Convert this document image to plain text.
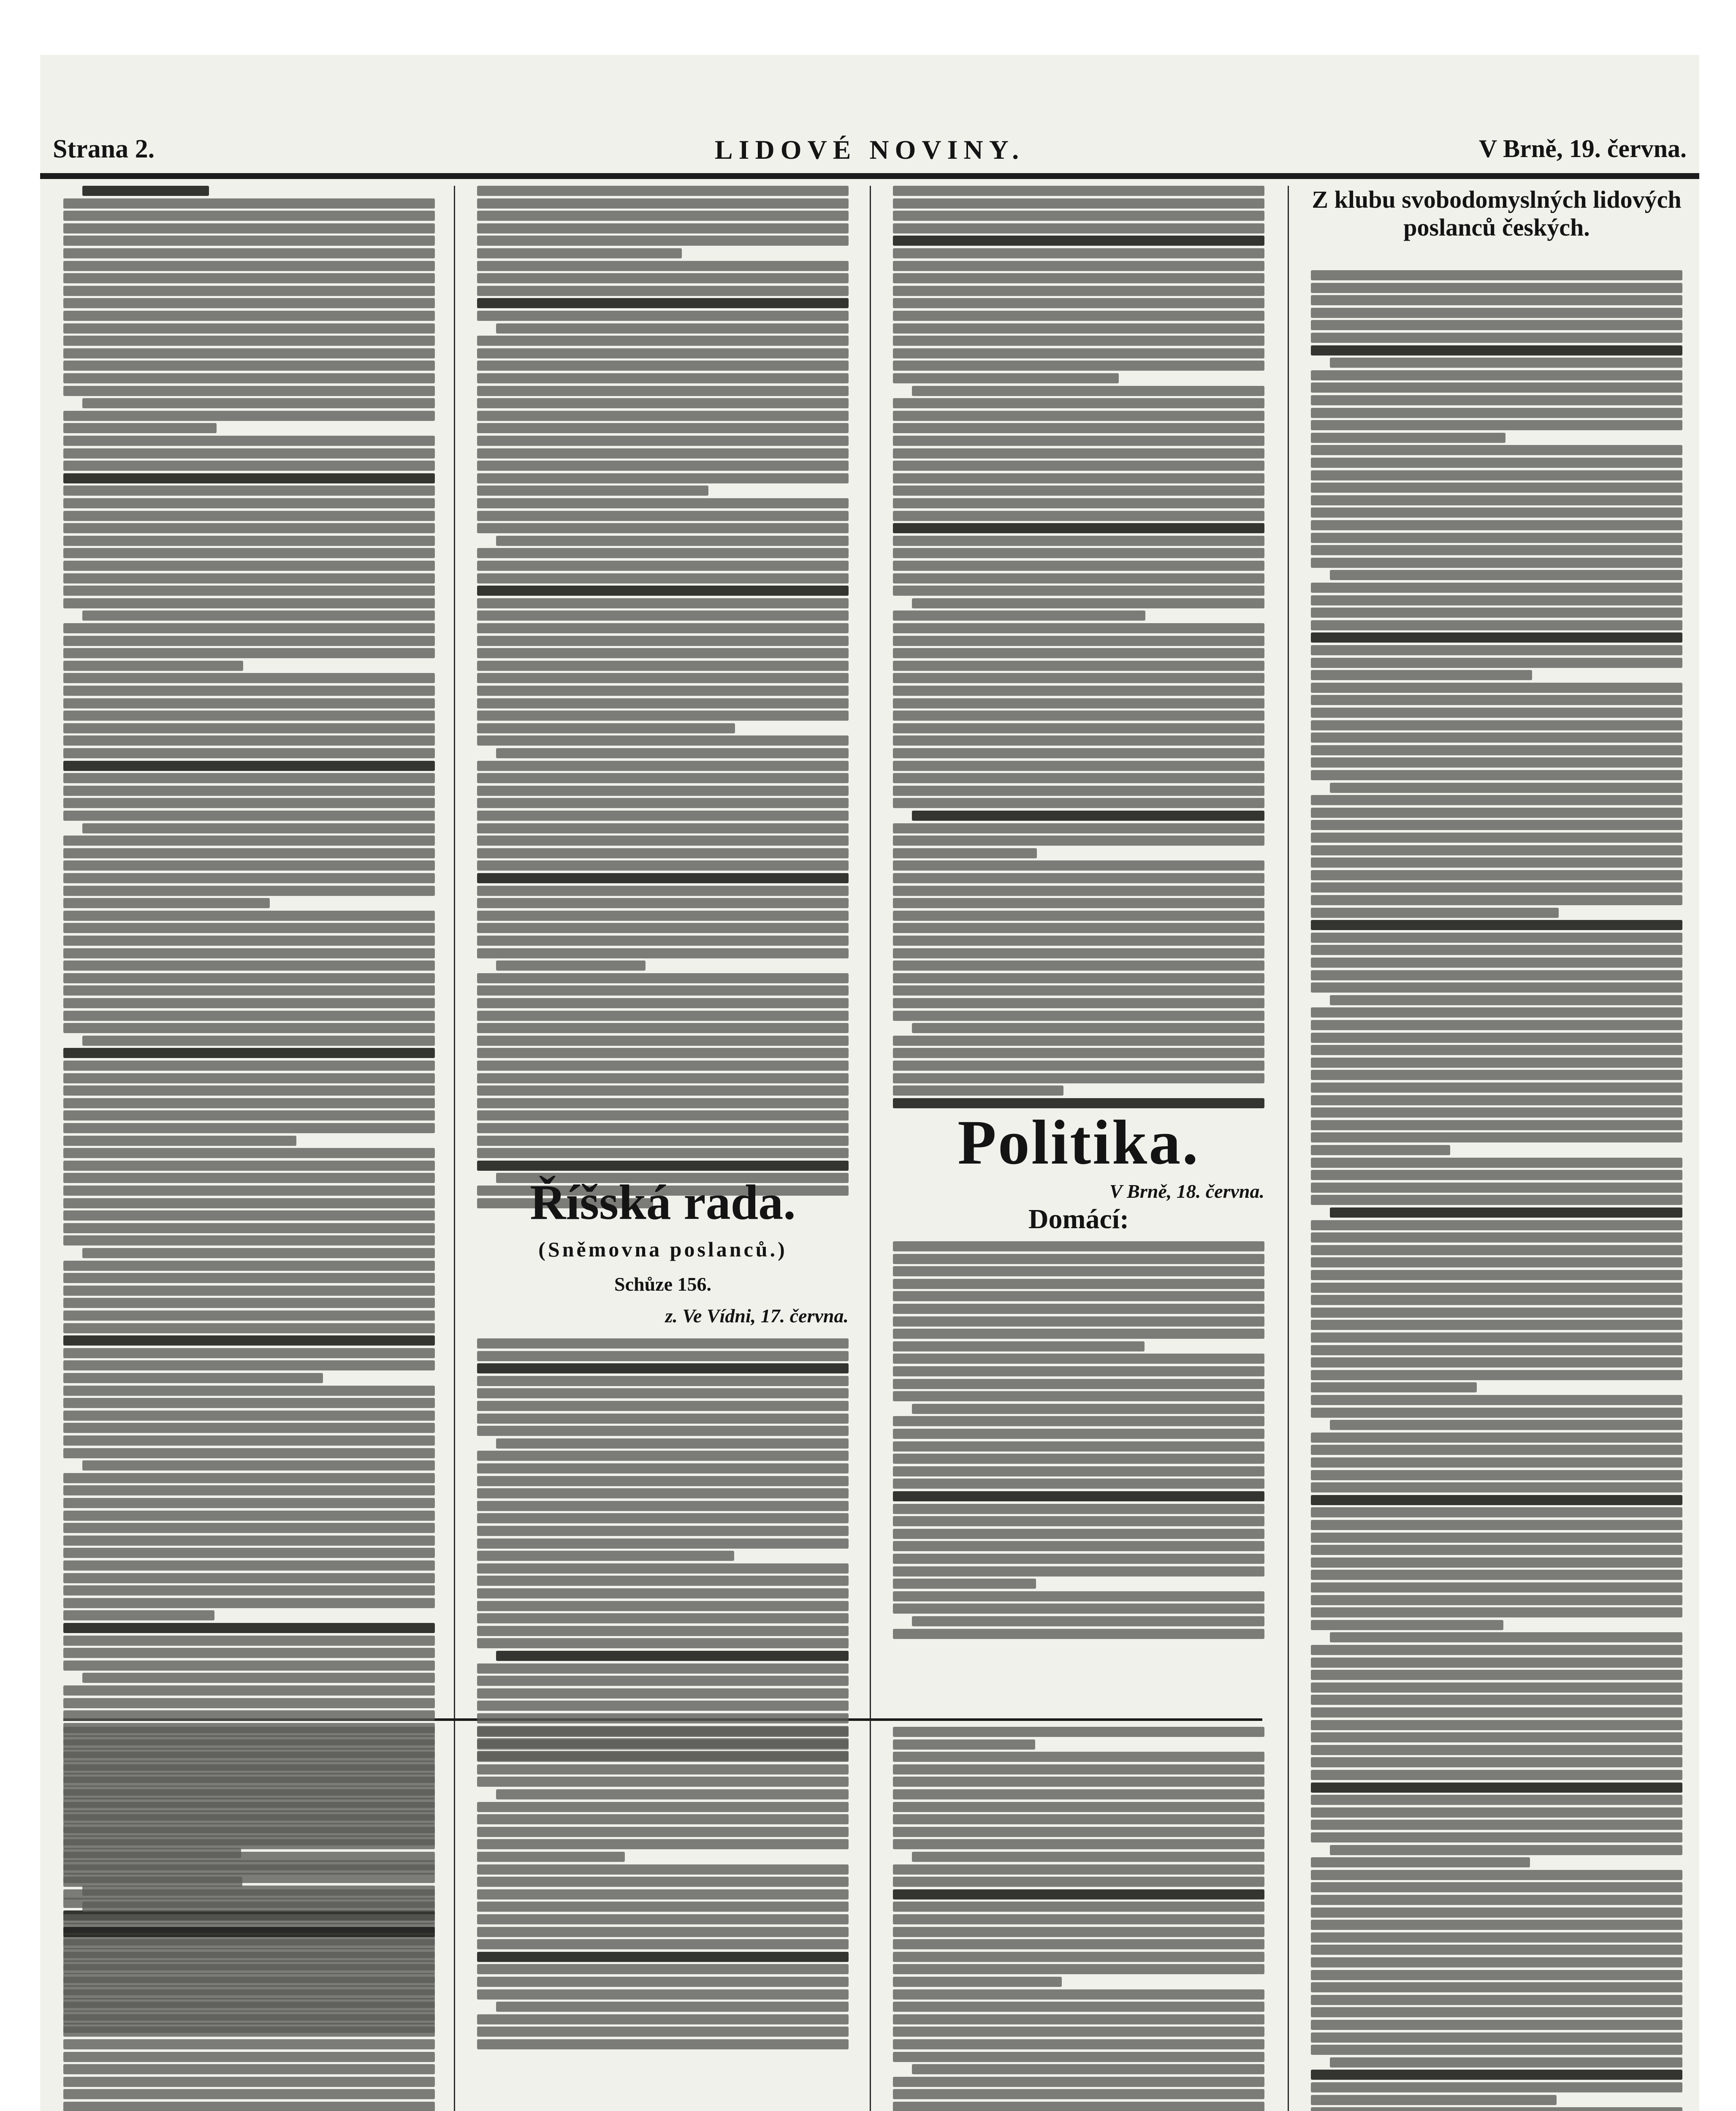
Strana 2.	LIDOVÉ NOVINY.	V Brně, 19. června.
Říšská rada.
(Sněmovna poslanců.)
Schůze 156.
z. Ve Vídni, 17. června.
Politika.
V Brně, 18. června.
Domácí:
Z klubu svobodomyslných lidových poslanců českých.
